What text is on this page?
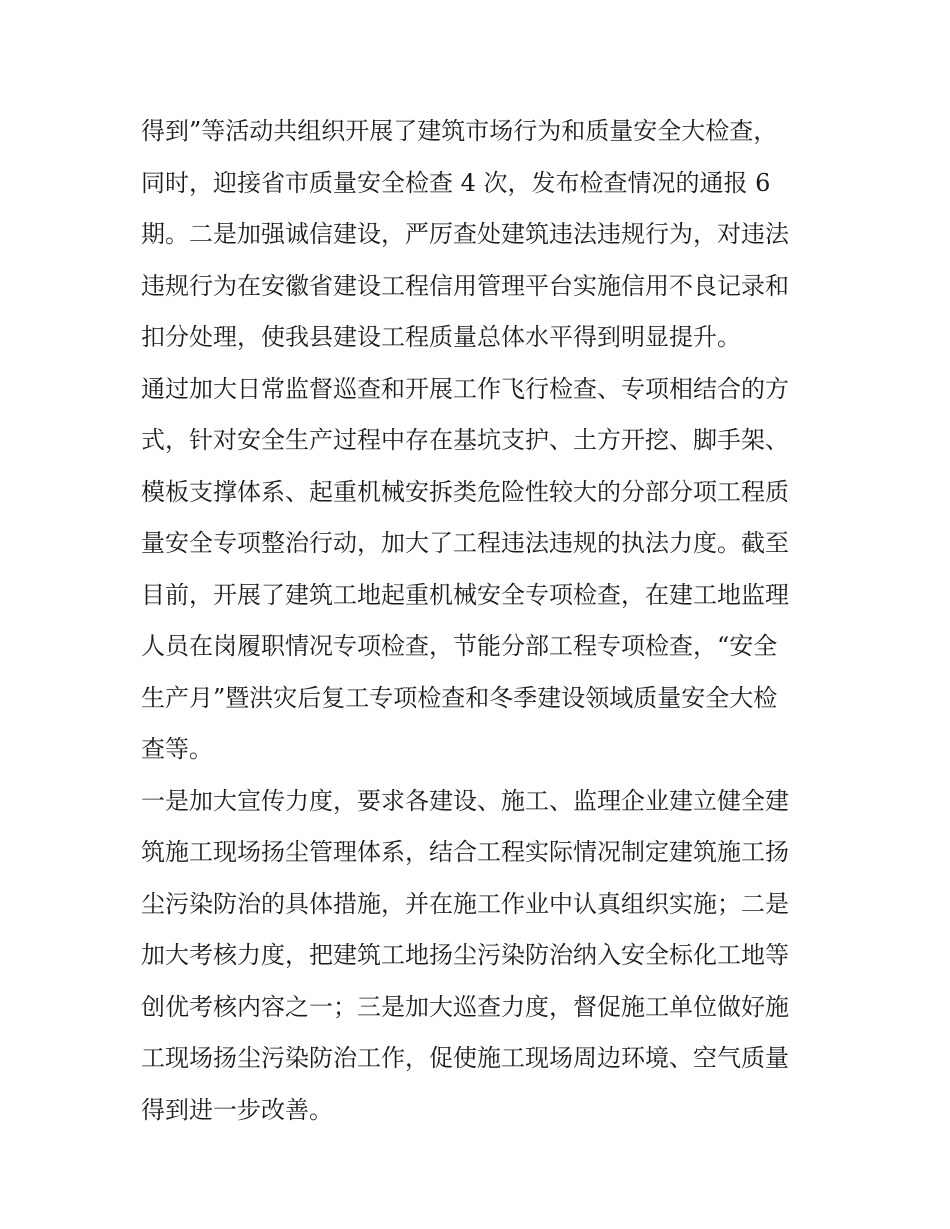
得到”等活动共组织开展了建筑市场行为和质量安全大检查，
同时，迎接省市质量安全检查 4 次，发布检查情况的通报 6
期。二是加强诚信建设，严厉查处建筑违法违规行为，对违法
违规行为在安徽省建设工程信用管理平台实施信用不良记录和
扣分处理，使我县建设工程质量总体水平得到明显提升。
通过加大日常监督巡查和开展工作飞行检查、专项相结合的方
式，针对安全生产过程中存在基坑支护、土方开挖、脚手架、
模板支撑体系、起重机械安拆类危险性较大的分部分项工程质
量安全专项整治行动，加大了工程违法违规的执法力度。截至
目前，开展了建筑工地起重机械安全专项检查，在建工地监理
人员在岗履职情况专项检查，节能分部工程专项检查，“安全
生产月”暨洪灾后复工专项检查和冬季建设领域质量安全大检
查等。
一是加大宣传力度，要求各建设、施工、监理企业建立健全建
筑施工现场扬尘管理体系，结合工程实际情况制定建筑施工扬
尘污染防治的具体措施，并在施工作业中认真组织实施；二是
加大考核力度，把建筑工地扬尘污染防治纳入安全标化工地等
创优考核内容之一；三是加大巡查力度，督促施工单位做好施
工现场扬尘污染防治工作，促使施工现场周边环境、空气质量
得到进一步改善。
